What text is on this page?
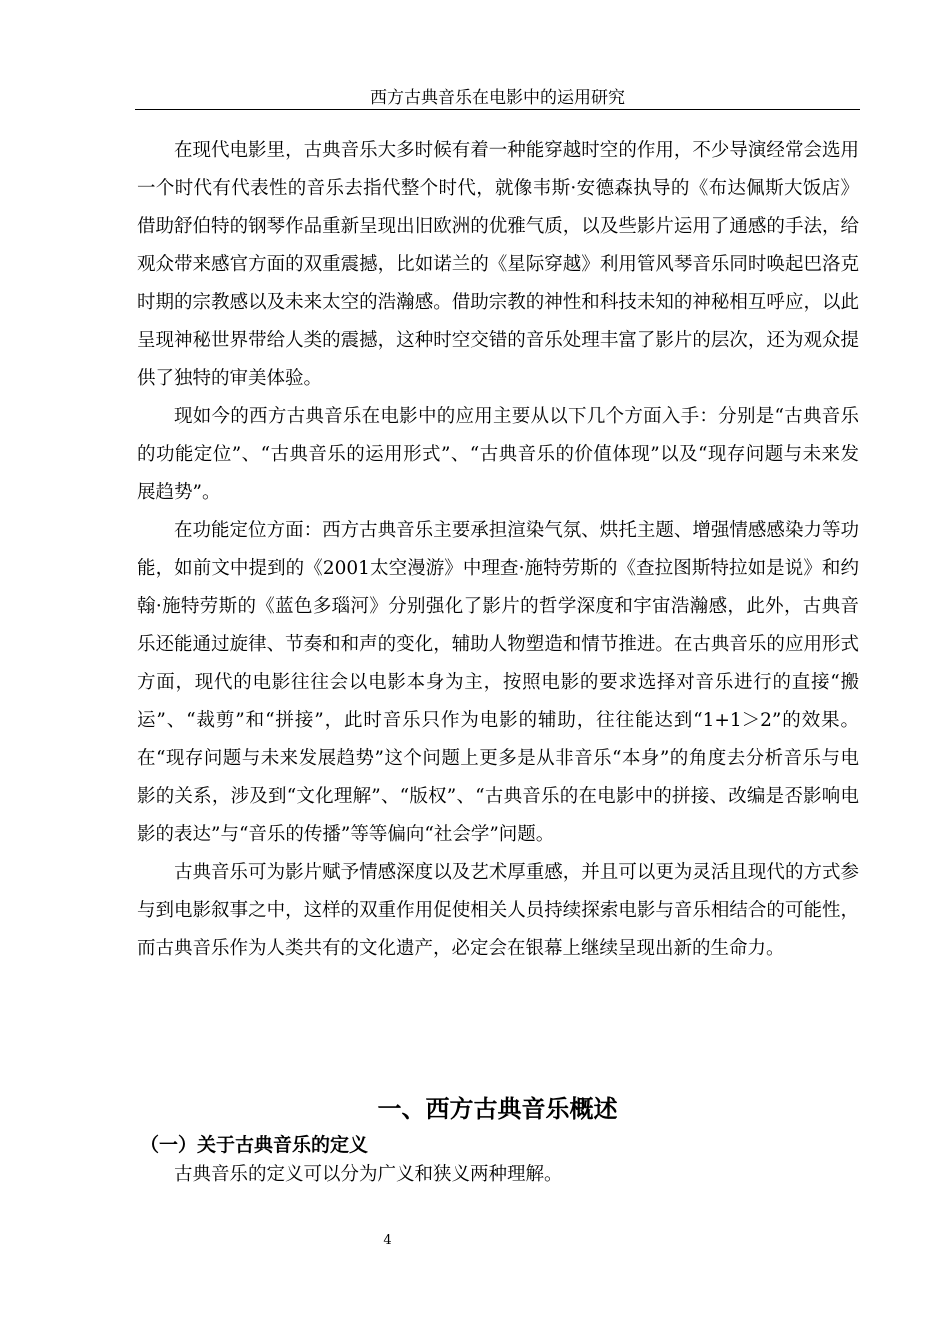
西方古典音乐在电影中的运用研究

在现代电影里，古典音乐大多时候有着一种能穿越时空的作用，不少导演经常会选用一个时代有代表性的音乐去指代整个时代，就像韦斯·安德森执导的《布达佩斯大饭店》借助舒伯特的钢琴作品重新呈现出旧欧洲的优雅气质，以及些影片运用了通感的手法，给观众带来感官方面的双重震撼，比如诺兰的《星际穿越》利用管风琴音乐同时唤起巴洛克时期的宗教感以及未来太空的浩瀚感。借助宗教的神性和科技未知的神秘相互呼应，以此呈现神秘世界带给人类的震撼，这种时空交错的音乐处理丰富了影片的层次，还为观众提供了独特的审美体验。

现如今的西方古典音乐在电影中的应用主要从以下几个方面入手：分别是“古典音乐的功能定位”、“古典音乐的运用形式”、“古典音乐的价值体现”以及“现存问题与未来发展趋势”。

在功能定位方面：西方古典音乐主要承担渲染气氛、烘托主题、增强情感感染力等功能，如前文中提到的《2001太空漫游》中理查·施特劳斯的《查拉图斯特拉如是说》和约翰·施特劳斯的《蓝色多瑙河》分别强化了影片的哲学深度和宇宙浩瀚感，此外，古典音乐还能通过旋律、节奏和和声的变化，辅助人物塑造和情节推进。在古典音乐的应用形式方面，现代的电影往往会以电影本身为主，按照电影的要求选择对音乐进行的直接“搬运”、“裁剪”和“拼接”，此时音乐只作为电影的辅助，往往能达到“1+1＞2”的效果。在“现存问题与未来发展趋势”这个问题上更多是从非音乐“本身”的角度去分析音乐与电影的关系，涉及到“文化理解”、“版权”、“古典音乐的在电影中的拼接、改编是否影响电影的表达”与“音乐的传播”等等偏向“社会学”问题。

古典音乐可为影片赋予情感深度以及艺术厚重感，并且可以更为灵活且现代的方式参与到电影叙事之中，这样的双重作用促使相关人员持续探索电影与音乐相结合的可能性，而古典音乐作为人类共有的文化遗产，必定会在银幕上继续呈现出新的生命力。

一、西方古典音乐概述
（一）关于古典音乐的定义

古典音乐的定义可以分为广义和狭义两种理解。

4
